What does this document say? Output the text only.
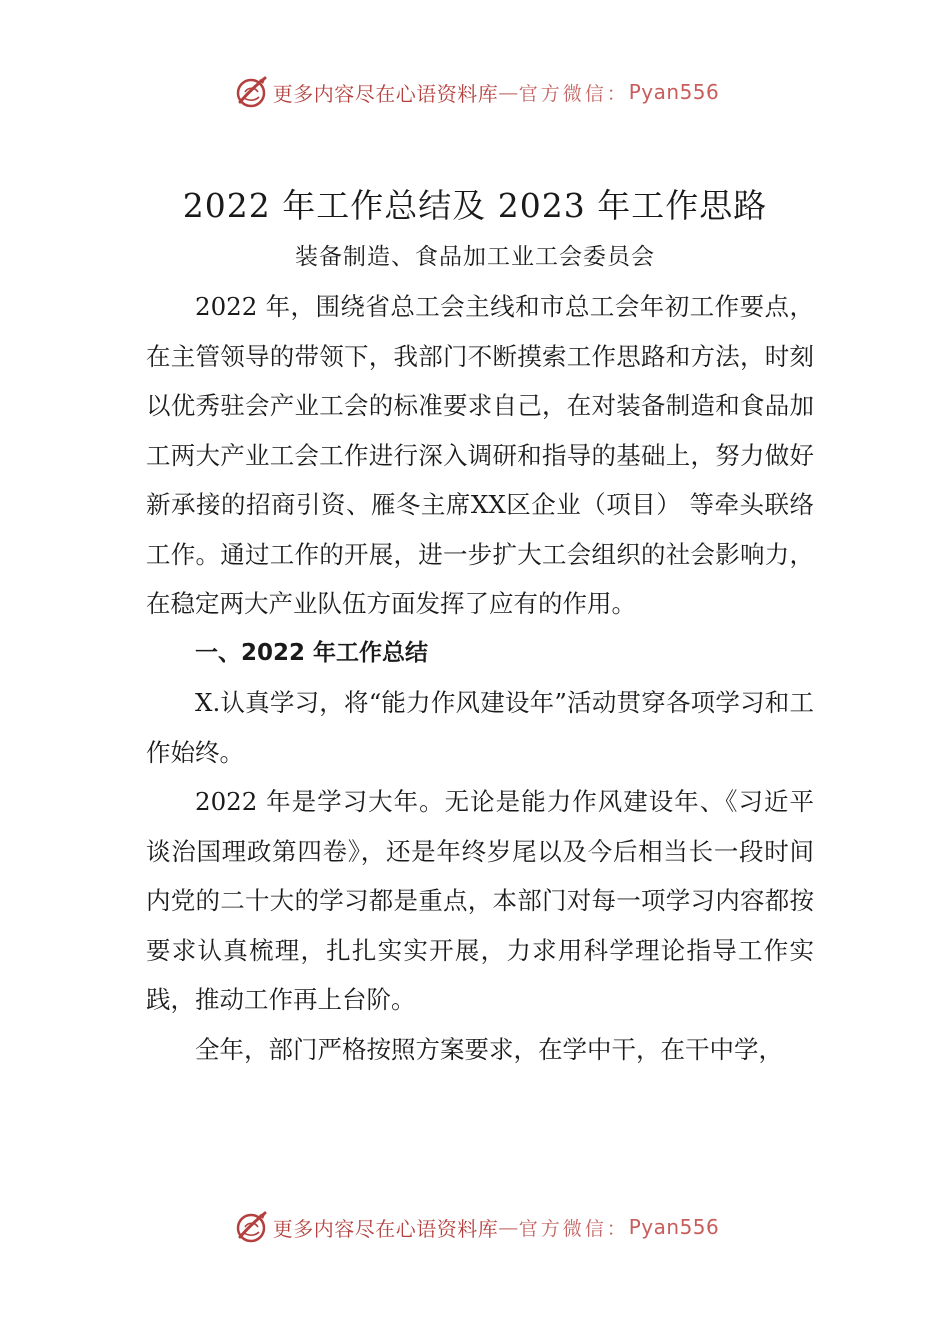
更多内容尽在心语资料库 — 官方微信： Pyan556
2022 年工作总结及 2023 年工作思路
装备制造、食品加工业工会委员会

2022 年，围绕省总工会主线和市总工会年初工作要点，在主管领导的带领下，我部门不断摸索工作思路和方法，时刻以优秀驻会产业工会的标准要求自己，在对装备制造和食品加工两大产业工会工作进行深入调研和指导的基础上，努力做好新承接的招商引资、雁冬主席XX区企业（项目） 等牵头联络工作。通过工作的开展，进一步扩大工会组织的社会影响力，在稳定两大产业队伍方面发挥了应有的作用。

一、2022 年工作总结

X.认真学习，将“能力作风建设年”活动贯穿各项学习和工作始终。

2022 年是学习大年。无论是能力作风建设年、《习近平谈治国理政第四卷》，还是年终岁尾以及今后相当长一段时间内党的二十大的学习都是重点，本部门对每一项学习内容都按要求认真梳理，扎扎实实开展，力求用科学理论指导工作实践，推动工作再上台阶。

全年，部门严格按照方案要求，在学中干，在干中学，

更多内容尽在心语资料库 — 官方微信： Pyan556
